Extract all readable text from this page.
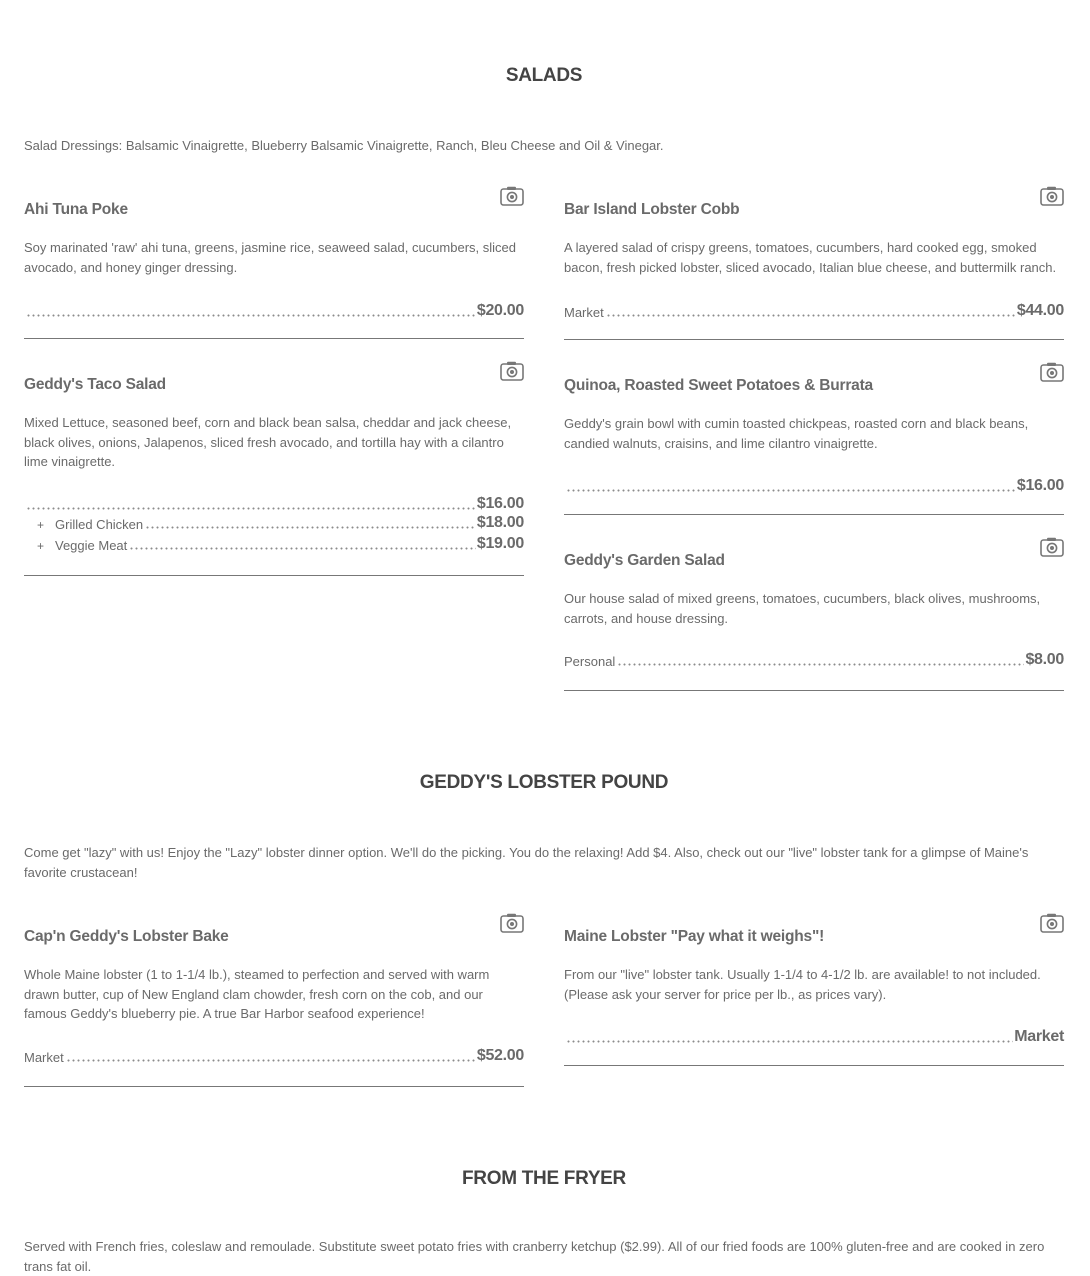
SALADS

Salad Dressings: Balsamic Vinaigrette, Blueberry Balsamic Vinaigrette, Ranch, Bleu Cheese and Oil & Vinegar.

Ahi Tuna Poke

Soy marinated 'raw' ahi tuna, greens, jasmine rice, seaweed salad, cucumbers, sliced avocado, and honey ginger dressing.

$20.00
Bar Island Lobster Cobb

A layered salad of crispy greens, tomatoes, cucumbers, hard cooked egg, smoked bacon, fresh picked lobster, sliced avocado, Italian blue cheese, and buttermilk ranch.

Market	$44.00
Geddy's Taco Salad

Mixed Lettuce, seasoned beef, corn and black bean salsa, cheddar and jack cheese, black olives, onions, Jalapenos, sliced fresh avocado, and tortilla hay with a cilantro lime vinaigrette.

$16.00
+ Grilled Chicken	$18.00
+ Veggie Meat	$19.00
Quinoa, Roasted Sweet Potatoes & Burrata

Geddy's grain bowl with cumin toasted chickpeas, roasted corn and black beans, candied walnuts, craisins, and lime cilantro vinaigrette.

$16.00
Geddy's Garden Salad

Our house salad of mixed greens, tomatoes, cucumbers, black olives, mushrooms, carrots, and house dressing.

Personal	$8.00
GEDDY'S LOBSTER POUND

Come get "lazy" with us! Enjoy the "Lazy" lobster dinner option. We'll do the picking. You do the relaxing! Add $4. Also, check out our "live" lobster tank for a glimpse of Maine's favorite crustacean!

Cap'n Geddy's Lobster Bake

Whole Maine lobster (1 to 1-1/4 lb.), steamed to perfection and served with warm drawn butter, cup of New England clam chowder, fresh corn on the cob, and our famous Geddy's blueberry pie. A true Bar Harbor seafood experience!

Market	$52.00
Maine Lobster "Pay what it weighs"!

From our "live" lobster tank. Usually 1-1/4 to 4-1/2 lb. are available! to not included. (Please ask your server for price per lb., as prices vary).

Market
FROM THE FRYER

Served with French fries, coleslaw and remoulade. Substitute sweet potato fries with cranberry ketchup ($2.99). All of our fried foods are 100% gluten-free and are cooked in zero trans fat oil.
